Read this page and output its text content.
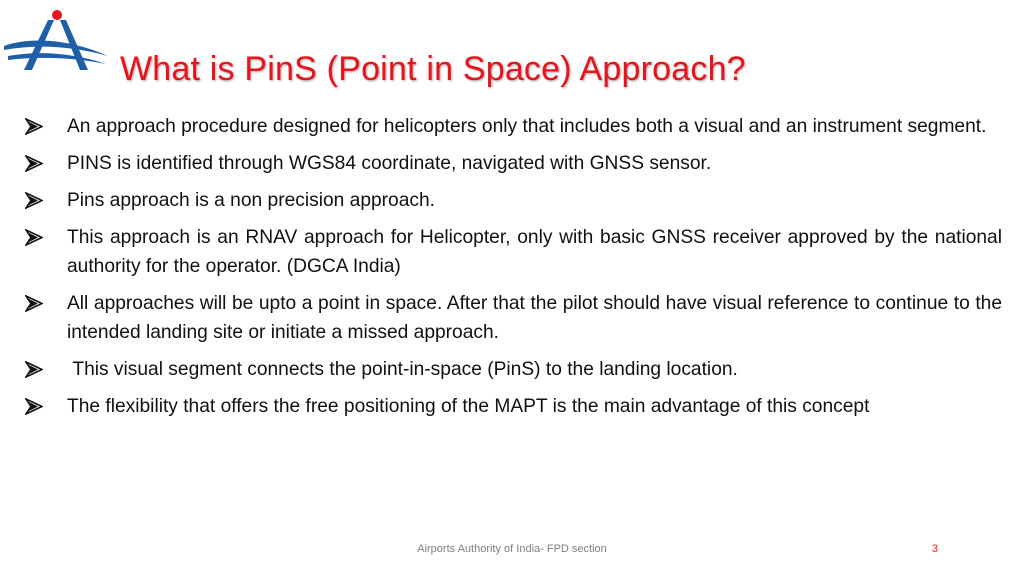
What is PinS (Point in Space) Approach?
An approach procedure designed for helicopters only that includes both a visual and an instrument segment.
PINS is identified through WGS84 coordinate, navigated with GNSS sensor.
Pins approach is a non precision approach.
This approach is an RNAV approach for Helicopter, only with basic GNSS receiver approved by the national authority for the operator. (DGCA India)
All approaches will be upto a point in space. After that the pilot should have visual reference to continue to the intended landing site or initiate a missed approach.
This visual segment connects the point-in-space (PinS) to the landing location.
The flexibility that offers the free positioning of the MAPT is the main advantage of this concept
Airports Authority of India- FPD section	3
